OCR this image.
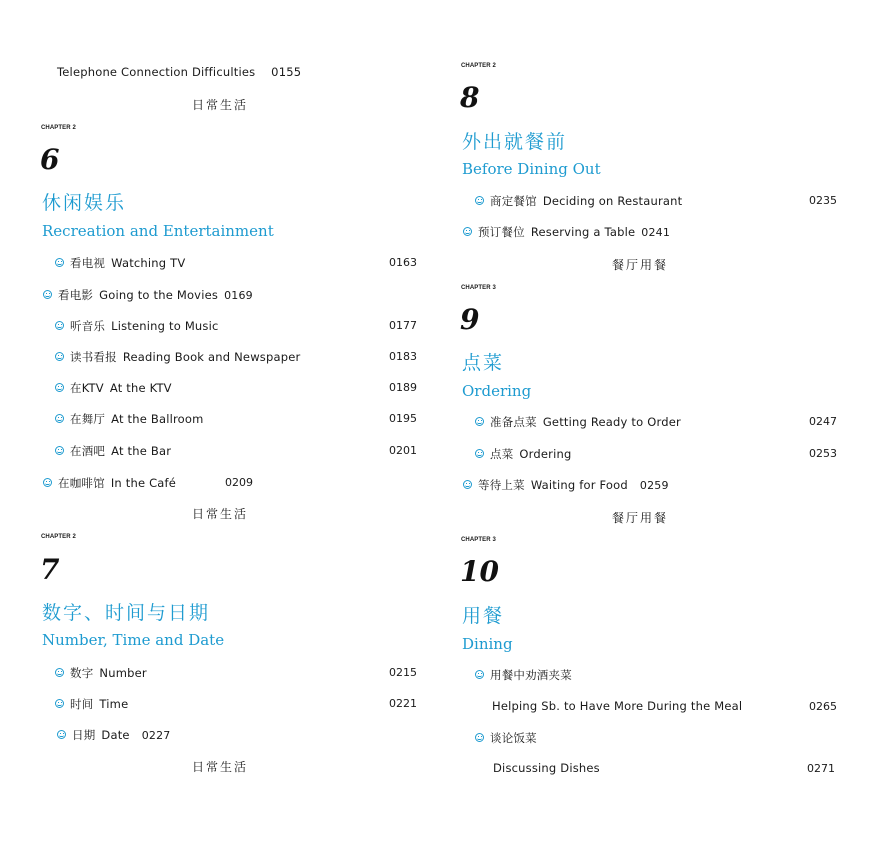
Telephone Connection Difficulties 0155
日常生活
CHAPTER 2
6
休闲娱乐
Recreation and Entertainment
看电视 Watching TV	0163
看电影 Going to the Movies 0169
听音乐 Listening to Music	0177
读书看报 Reading Book and Newspaper	0183
在KTV At the KTV	0189
在舞厅 At the Ballroom	0195
在酒吧 At the Bar	0201
在咖啡馆 In the Café	0209
日常生活
CHAPTER 2
7
数字、时间与日期
Number, Time and Date
数字 Number	0215
时间 Time	0221
日期 Date 0227
日常生活
CHAPTER 2
8
外出就餐前
Before Dining Out
商定餐馆 Deciding on Restaurant	0235
预订餐位 Reserving a Table 0241
餐厅用餐
CHAPTER 3
9
点菜
Ordering
准备点菜 Getting Ready to Order	0247
点菜 Ordering	0253
等待上菜 Waiting for Food 0259
餐厅用餐
CHAPTER 3
10
用餐
Dining
用餐中劝酒夹菜
Helping Sb. to Have More During the Meal	0265
谈论饭菜
Discussing Dishes	0271
